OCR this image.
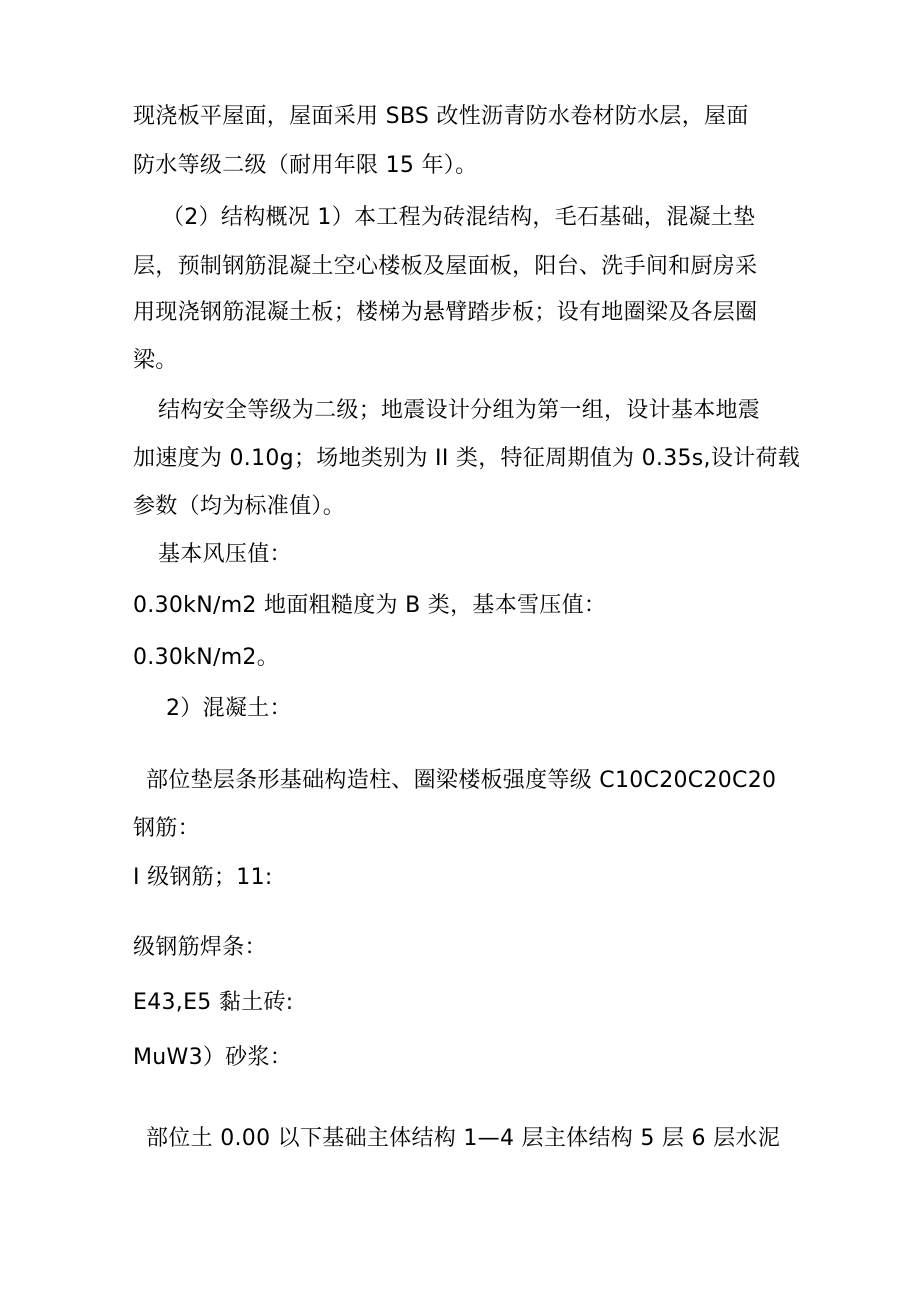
现浇板平屋面，屋面采用 SBS 改性沥青防水卷材防水层，屋面
防水等级二级（耐用年限 15 年）。
（2）结构概况 1）本工程为砖混结构，毛石基础，混凝土垫
层，预制钢筋混凝土空心楼板及屋面板，阳台、洗手间和厨房采
用现浇钢筋混凝土板；楼梯为悬臂踏步板；设有地圈梁及各层圈
梁。
结构安全等级为二级；地震设计分组为第一组，设计基本地震
加速度为 0.10g；场地类别为 II 类，特征周期值为 0.35s,设计荷载
参数（均为标准值）。
基本风压值：
0.30kN∕m2 地面粗糙度为 B 类，基本雪压值：
0.30kN∕m2。
2）混凝土：
部位垫层条形基础构造柱、圈梁楼板强度等级 C10C20C20C20
钢筋：
I 级钢筋；11:
级钢筋焊条：
E43,E5 黏土砖:
MuW3）砂浆：
部位土 0.00 以下基础主体结构 1—4 层主体结构 5 层 6 层水泥
